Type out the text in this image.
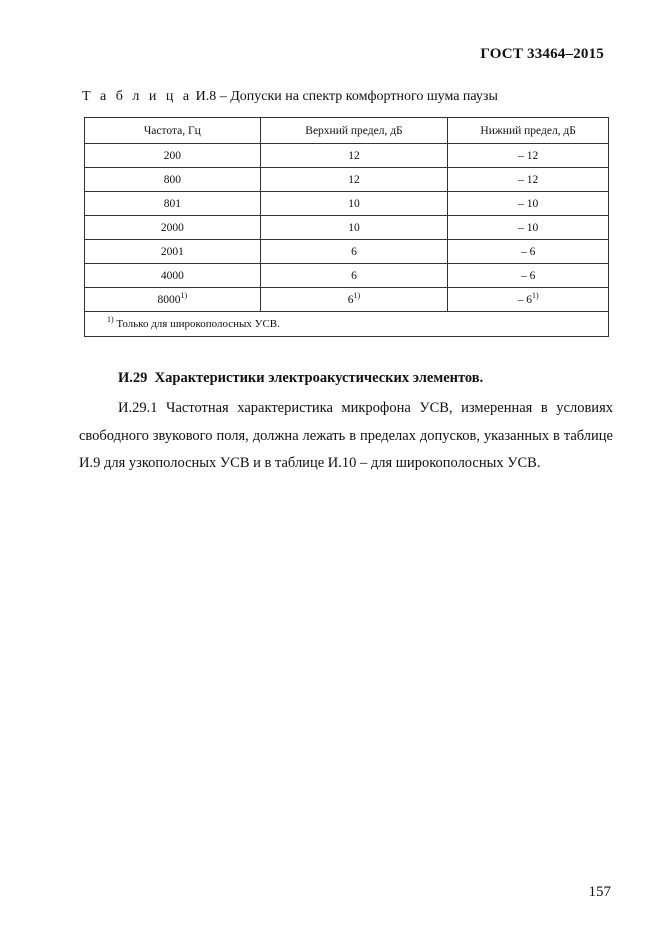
ГОСТ 33464–2015
Т а б л и ц а И.8 – Допуски на спектр комфортного шума паузы
Частота, Гц	Верхний предел, дБ	Нижний предел, дБ
200	12	– 12
800	12	– 12
801	10	– 10
2000	10	– 10
2001	6	– 6
4000	6	– 6
8000$^{1)}$	6$^{1)}$	– 6$^{1)}$
$^{1)}$ Только для широкополосных УСВ.		
И.29 Характеристики электроакустических элементов.

И.29.1 Частотная характеристика микрофона УСВ, измеренная в условиях свободного звукового поля, должна лежать в пределах допусков, указанных в таблице И.9 для узкополосных УСВ и в таблице И.10 – для широкополосных УСВ.

157
